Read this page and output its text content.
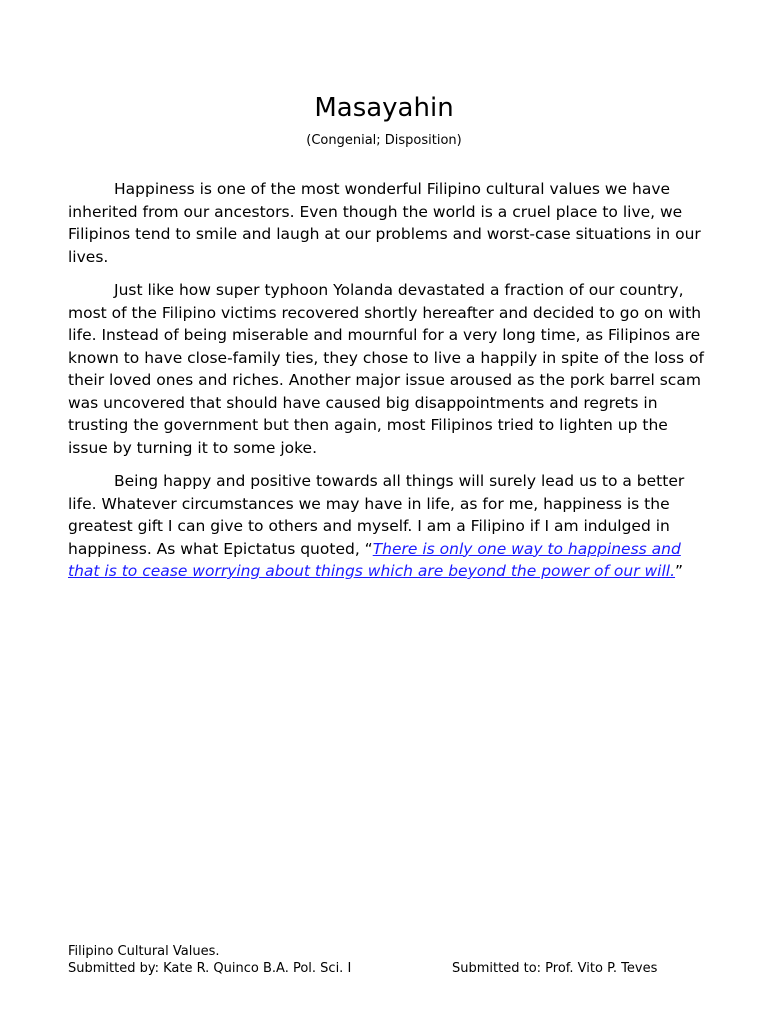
Masayahin
(Congenial; Disposition)

Happiness is one of the most wonderful Filipino cultural values we have inherited from our ancestors. Even though the world is a cruel place to live, we Filipinos tend to smile and laugh at our problems and worst-case situations in our lives.

Just like how super typhoon Yolanda devastated a fraction of our country, most of the Filipino victims recovered shortly hereafter and decided to go on with life. Instead of being miserable and mournful for a very long time, as Filipinos are known to have close-family ties, they chose to live a happily in spite of the loss of their loved ones and riches. Another major issue aroused as the pork barrel scam was uncovered that should have caused big disappointments and regrets in trusting the government but then again, most Filipinos tried to lighten up the issue by turning it to some joke.

Being happy and positive towards all things will surely lead us to a better life. Whatever circumstances we may have in life, as for me, happiness is the greatest gift I can give to others and myself. I am a Filipino if I am indulged in happiness. As what Epictatus quoted, “There is only one way to happiness and that is to cease worrying about things which are beyond the power of our will.”

Filipino Cultural Values.
Submitted by: Kate R. Quinco B.A. Pol. Sci. I	Submitted to: Prof. Vito P. Teves
